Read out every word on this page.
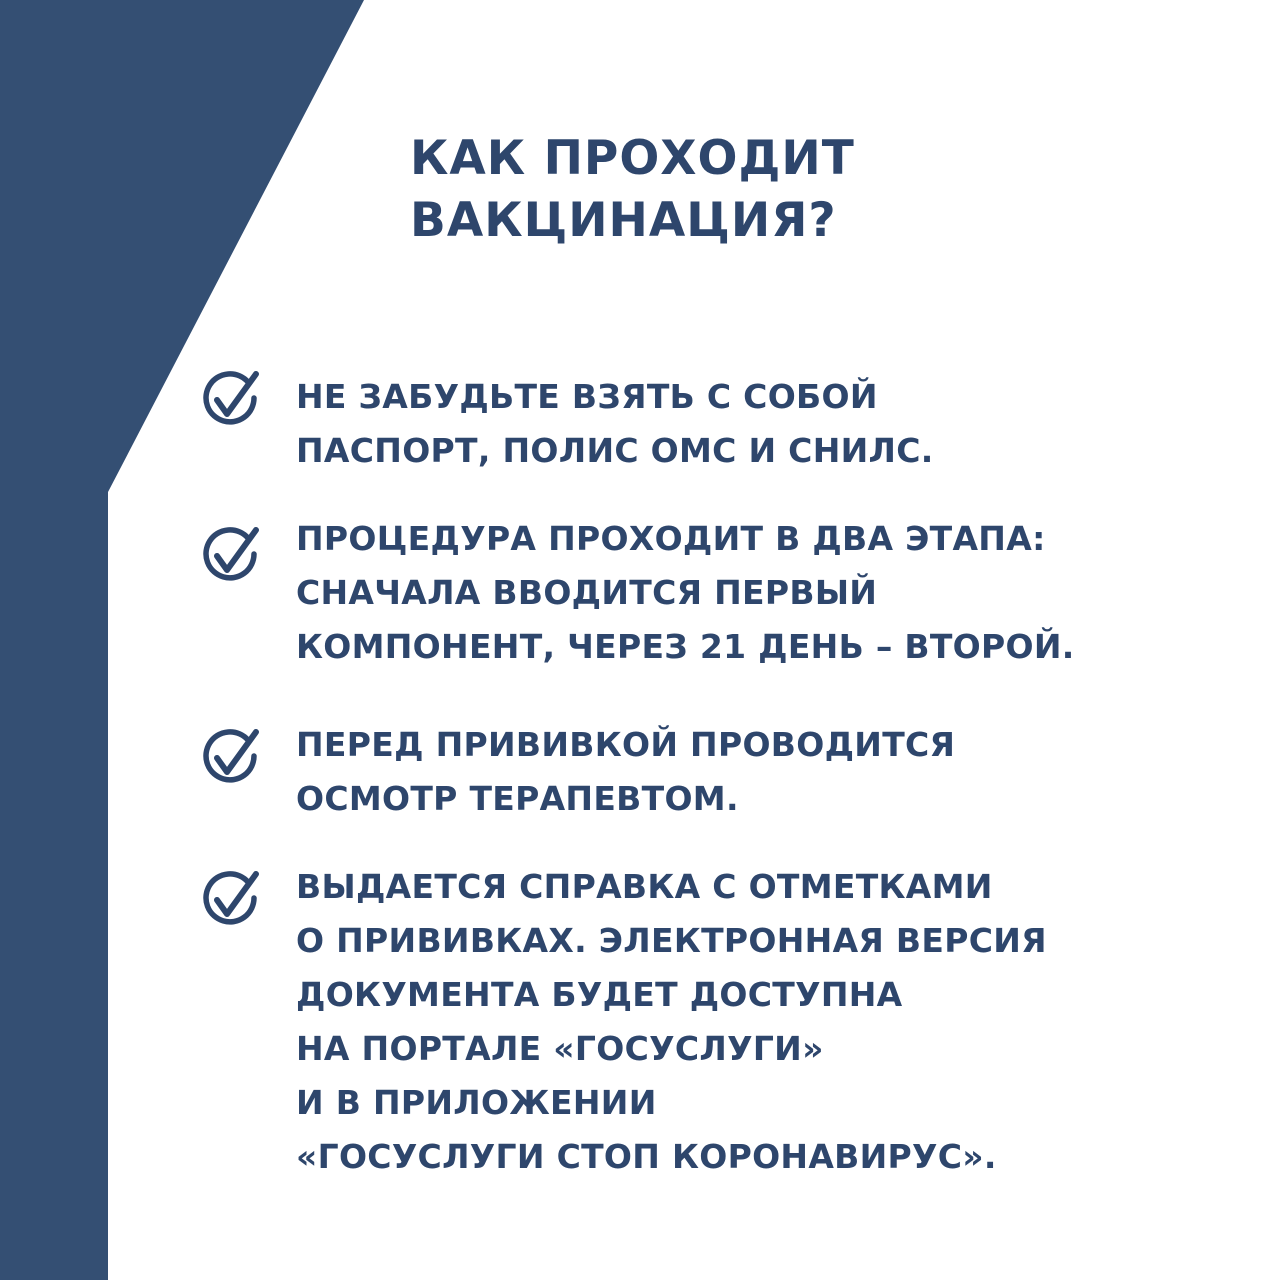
КАК ПРОХОДИТ
ВАКЦИНАЦИЯ?

НЕ ЗАБУДЬТЕ ВЗЯТЬ С СОБОЙ
ПАСПОРТ, ПОЛИС ОМС И СНИЛС.

ПРОЦЕДУРА ПРОХОДИТ В ДВА ЭТАПА:
СНАЧАЛА ВВОДИТСЯ ПЕРВЫЙ
КОМПОНЕНТ, ЧЕРЕЗ 21 ДЕНЬ – ВТОРОЙ.

ПЕРЕД ПРИВИВКОЙ ПРОВОДИТСЯ
ОСМОТР ТЕРАПЕВТОМ.

ВЫДАЕТСЯ СПРАВКА С ОТМЕТКАМИ
О ПРИВИВКАХ. ЭЛЕКТРОННАЯ ВЕРСИЯ
ДОКУМЕНТА БУДЕТ ДОСТУПНА
НА ПОРТАЛЕ «ГОСУСЛУГИ»
И В ПРИЛОЖЕНИИ
«ГОСУСЛУГИ СТОП КОРОНАВИРУС».
